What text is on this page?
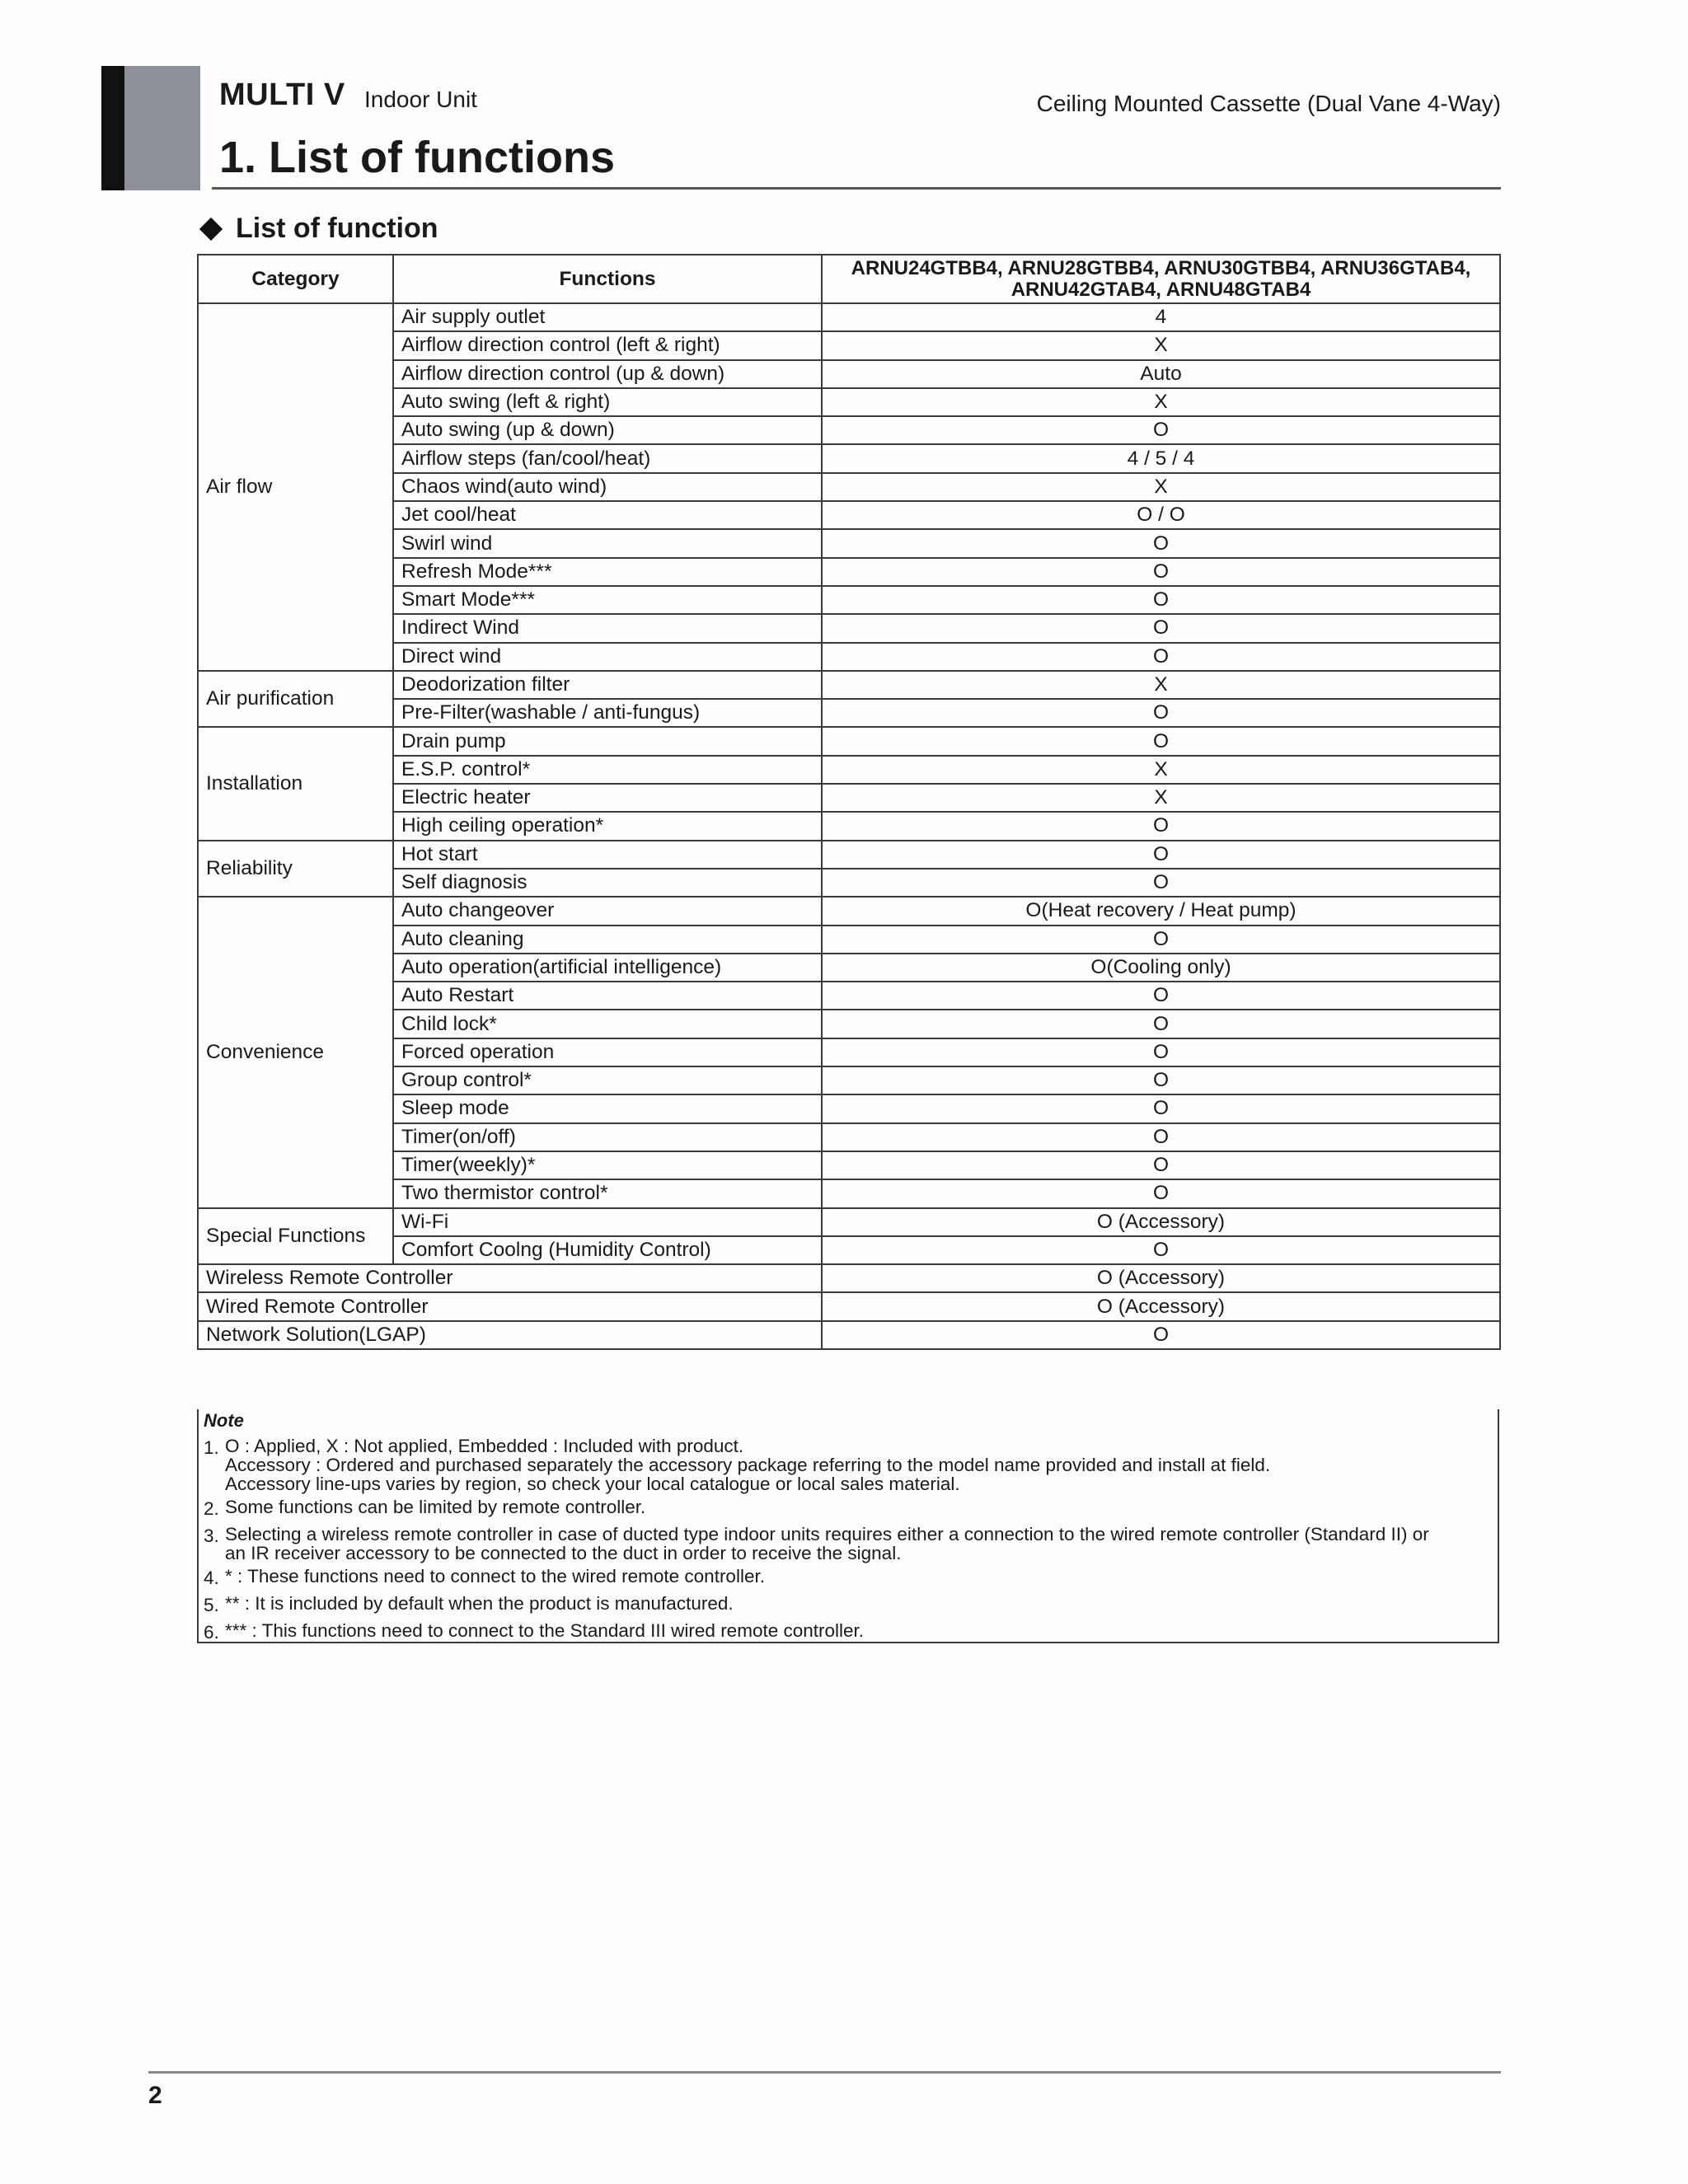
MULTI V Indoor Unit	Ceiling Mounted Cassette (Dual Vane 4-Way)
1. List of functions
List of function
Category	Functions	ARNU24GTBB4, ARNU28GTBB4, ARNU30GTBB4, ARNU36GTAB4, ARNU42GTAB4, ARNU48GTAB4
Air flow	Air supply outlet	4
	Airflow direction control (left & right)	X
	Airflow direction control (up & down)	Auto
	Auto swing (left & right)	X
	Auto swing (up & down)	O
	Airflow steps (fan/cool/heat)	4 / 5 / 4
	Chaos wind(auto wind)	X
	Jet cool/heat	O / O
	Swirl wind	O
	Refresh Mode***	O
	Smart Mode***	O
	Indirect Wind	O
	Direct wind	O
Air purification	Deodorization filter	X
	Pre-Filter(washable / anti-fungus)	O
Installation	Drain pump	O
	E.S.P. control*	X
	Electric heater	X
	High ceiling operation*	O
Reliability	Hot start	O
	Self diagnosis	O
Convenience	Auto changeover	O(Heat recovery / Heat pump)
	Auto cleaning	O
	Auto operation(artificial intelligence)	O(Cooling only)
	Auto Restart	O
	Child lock*	O
	Forced operation	O
	Group control*	O
	Sleep mode	O
	Timer(on/off)	O
	Timer(weekly)*	O
	Two thermistor control*	O
Special Functions	Wi-Fi	O (Accessory)
	Comfort Coolng (Humidity Control)	O
Wireless Remote Controller		O (Accessory)
Wired Remote Controller		O (Accessory)
Network Solution(LGAP)		O
Note
1. O : Applied, X : Not applied, Embedded : Included with product.
Accessory : Ordered and purchased separately the accessory package referring to the model name provided and install at field.
Accessory line-ups varies by region, so check your local catalogue or local sales material.
2. Some functions can be limited by remote controller.
3. Selecting a wireless remote controller in case of ducted type indoor units requires either a connection to the wired remote controller (Standard II) or
an IR receiver accessory to be connected to the duct in order to receive the signal.
4. * : These functions need to connect to the wired remote controller.
5. ** : It is included by default when the product is manufactured.
6. *** : This functions need to connect to the Standard III wired remote controller.
2
